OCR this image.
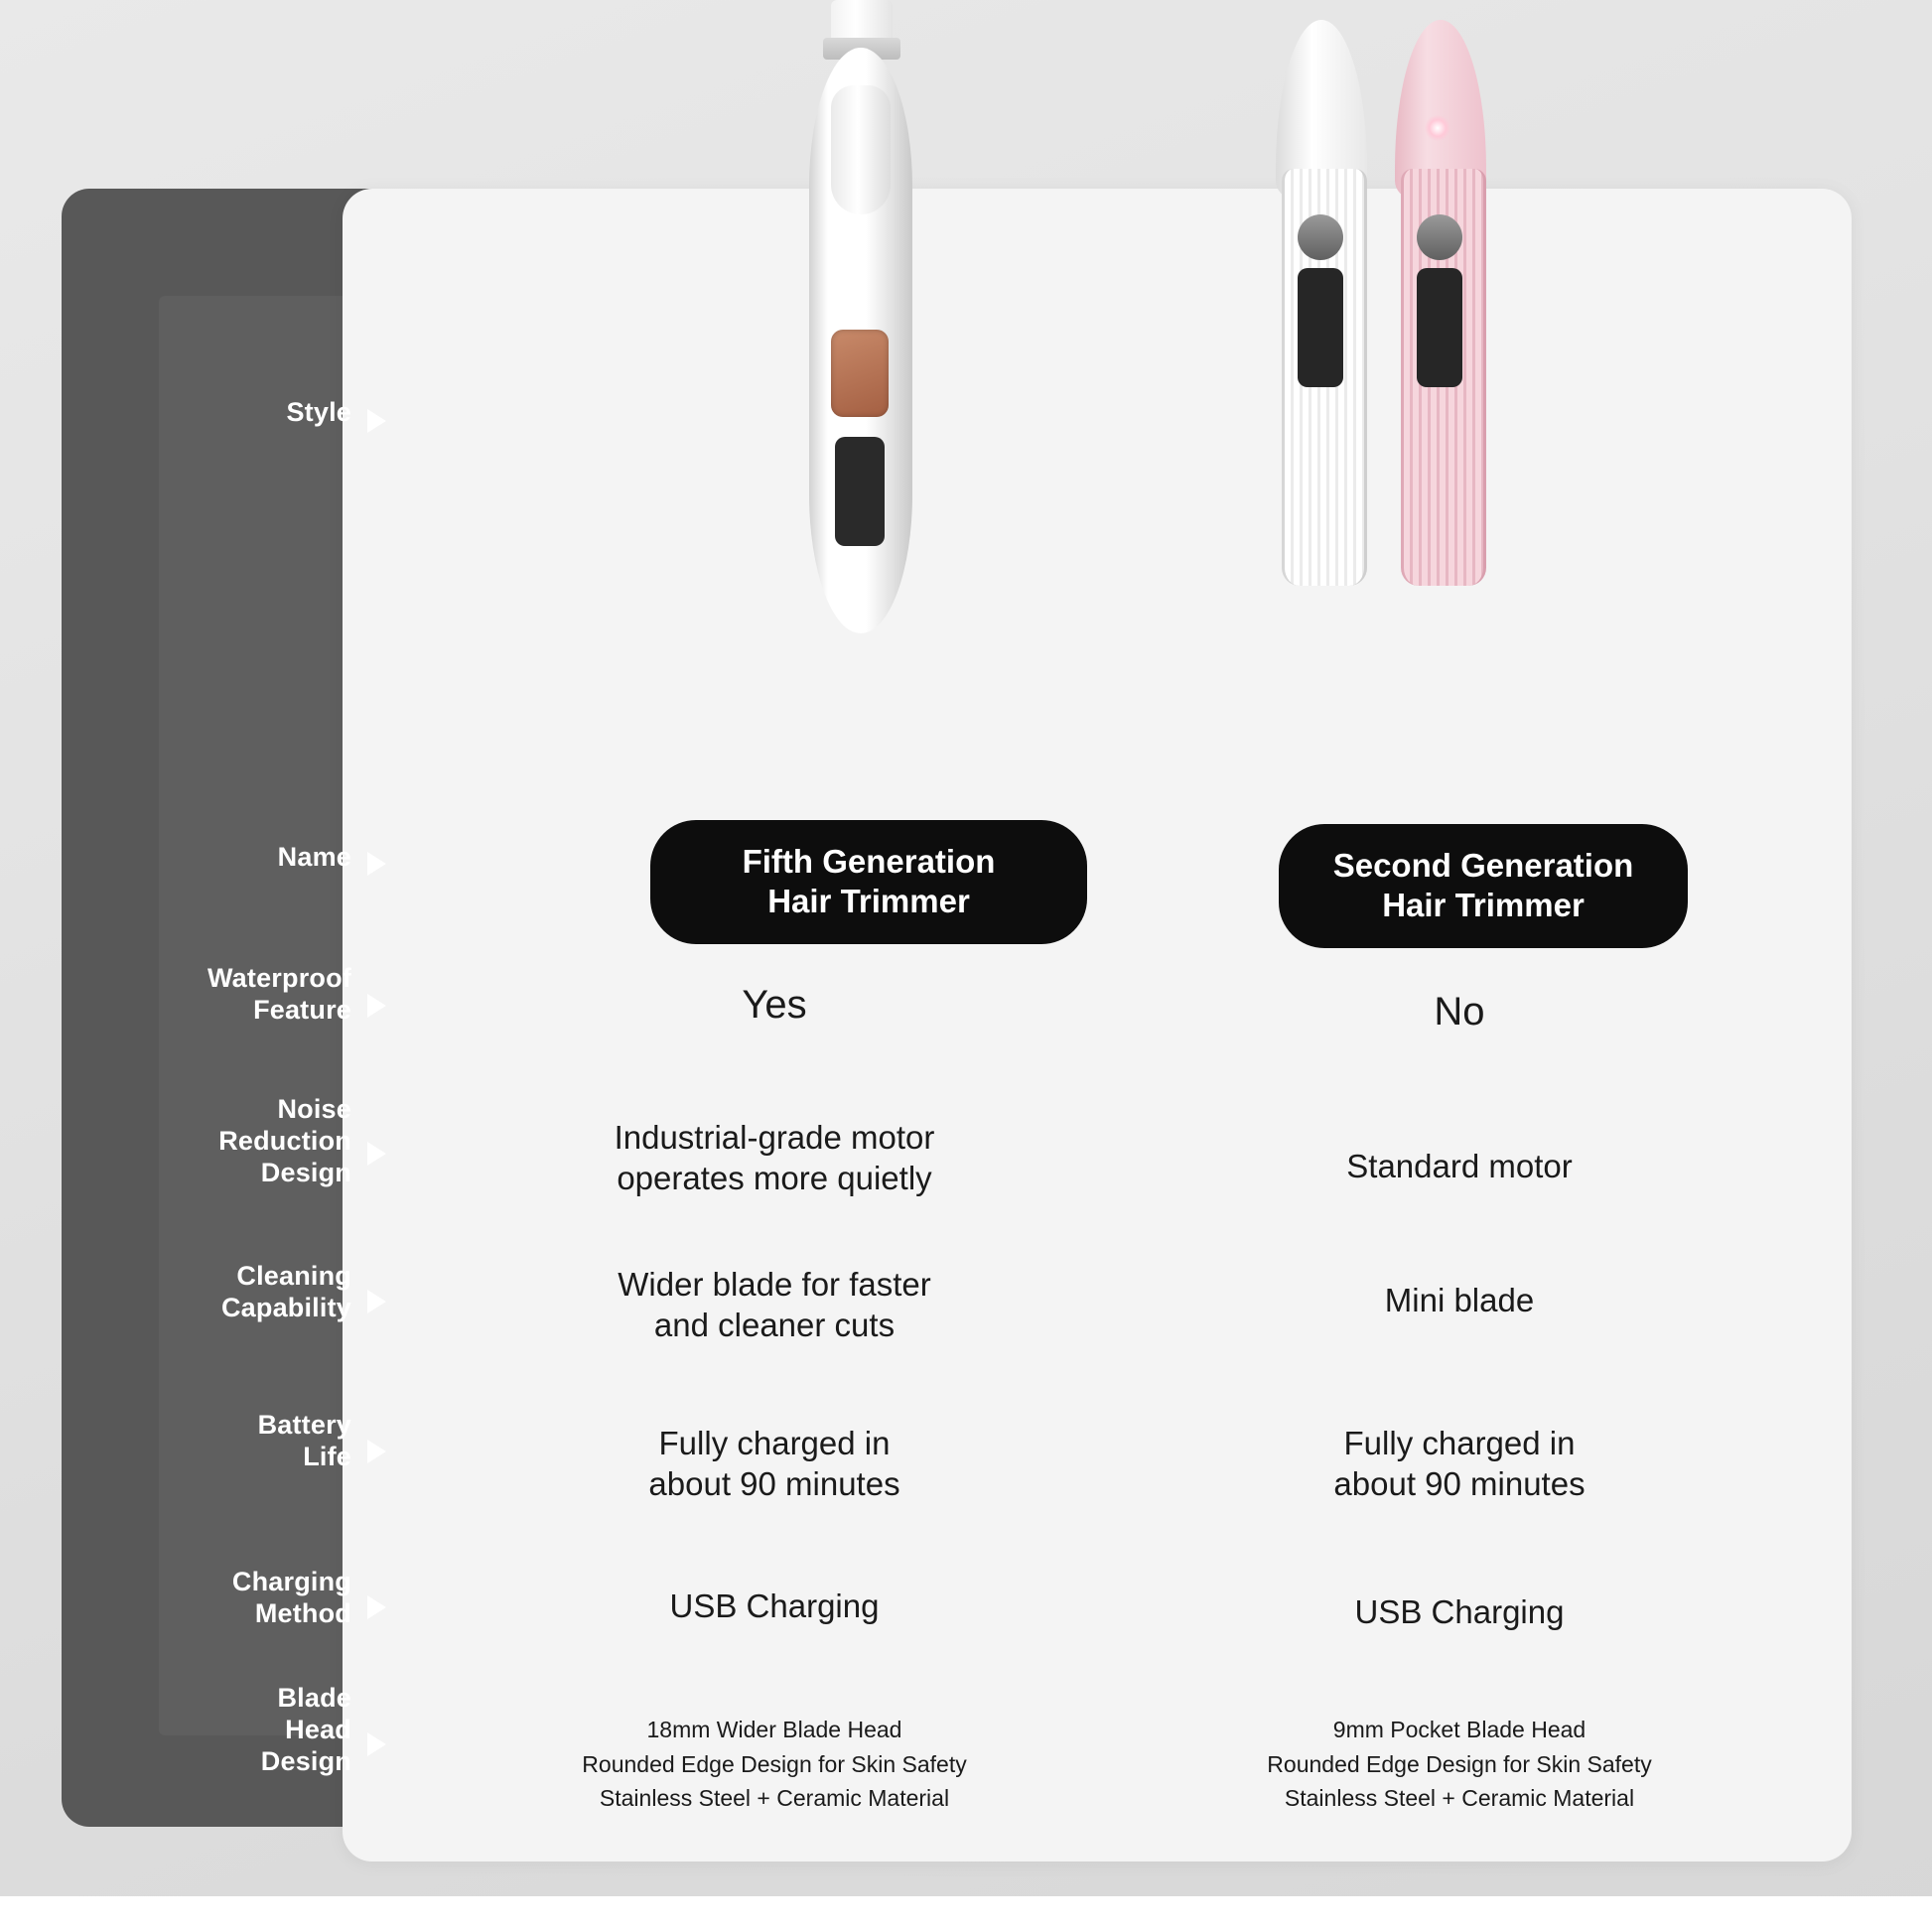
Style
Name
Waterproof
Feature
Noise
Reduction
Design
Cleaning
Capability
Battery
Life
Charging
Method
Blade
Head
Design
Fifth Generation
Hair Trimmer
Second Generation
Hair Trimmer
Yes
Industrial-grade motor
operates more quietly
Wider blade for faster
and cleaner cuts
Fully charged in
about 90 minutes
USB Charging
18mm Wider Blade Head
Rounded Edge Design for Skin Safety
Stainless Steel + Ceramic Material
No
Standard motor
Mini blade
Fully charged in
about 90 minutes
USB Charging
9mm Pocket Blade Head
Rounded Edge Design for Skin Safety
Stainless Steel + Ceramic Material
